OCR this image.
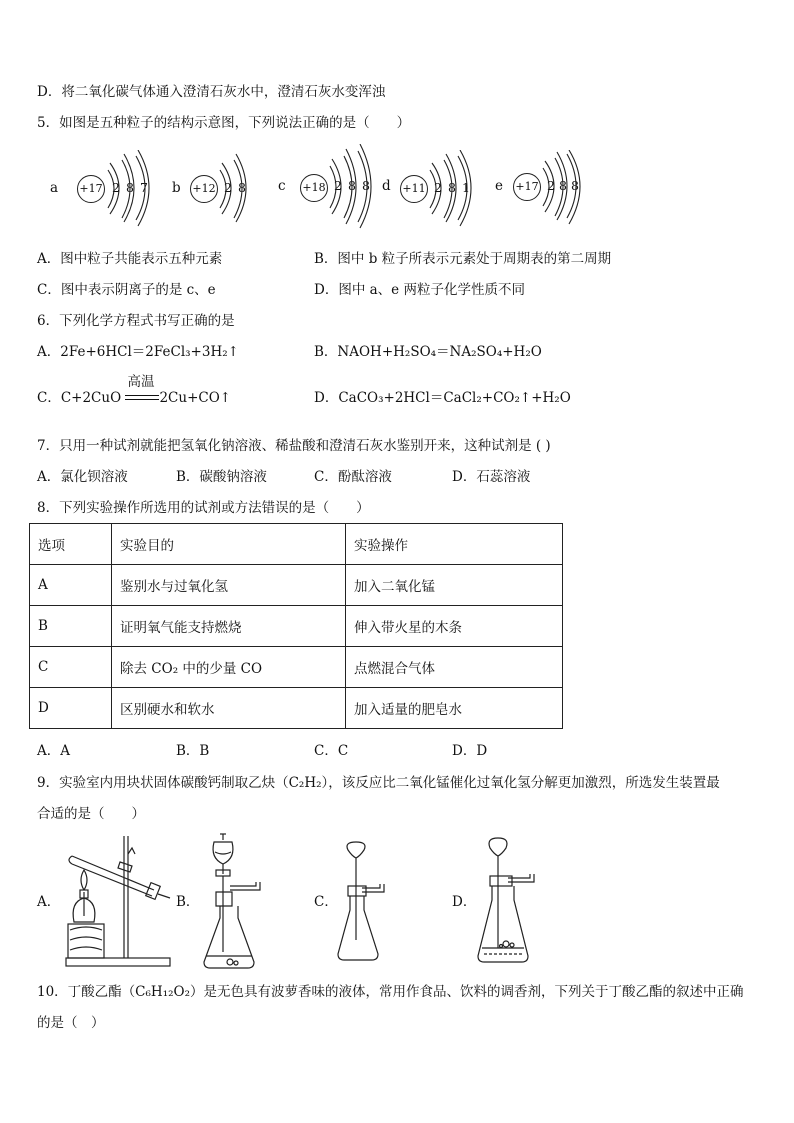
D．将二氧化碳气体通入澄清石灰水中，澄清石灰水变浑浊
5．如图是五种粒子的结构示意图，下列说法正确的是（　　）
a +17 2 8 7 b +12 2 8 c +18 2 8 8 d +11 2 8 1 e +17 2 8 8
A．图中粒子共能表示五种元素	B．图中 b 粒子所表示元素处于周期表的第二周期
C．图中表示阴离子的是 c、e	D．图中 a、e 两粒子化学性质不同
6．下列化学方程式书写正确的是
A．2Fe+6HCl＝2FeCl₃+3H₂↑	B．NAOH+H₂SO₄＝NA₂SO₄+H₂O
C．C+2CuO
高温
2Cu+CO↑	D．CaCO₃+2HCl＝CaCl₂+CO₂↑+H₂O
7．只用一种试剂就能把氢氧化钠溶液、稀盐酸和澄清石灰水鉴别开来，这种试剂是 ( )
A．氯化钡溶液	B．碳酸钠溶液	C．酚酞溶液	D．石蕊溶液
8．下列实验操作所选用的试剂或方法错误的是（　　）
选项	实验目的	实验操作
A	鉴别水与过氧化氢	加入二氧化锰
B	证明氧气能支持燃烧	伸入带火星的木条
C	除去 CO₂ 中的少量 CO	点燃混合气体
D	区别硬水和软水	加入适量的肥皂水
A．A	B．B	C．C	D．D
9．实验室内用块状固体碳酸钙制取乙炔（C₂H₂），该反应比二氧化锰催化过氧化氢分解更加激烈，所选发生装置最
合适的是（　　）
A．	B．	C．	D．
10．丁酸乙酯（C₆H₁₂O₂）是无色具有波萝香味的液体，常用作食品、饮料的调香剂，下列关于丁酸乙酯的叙述中正确
的是（　）
